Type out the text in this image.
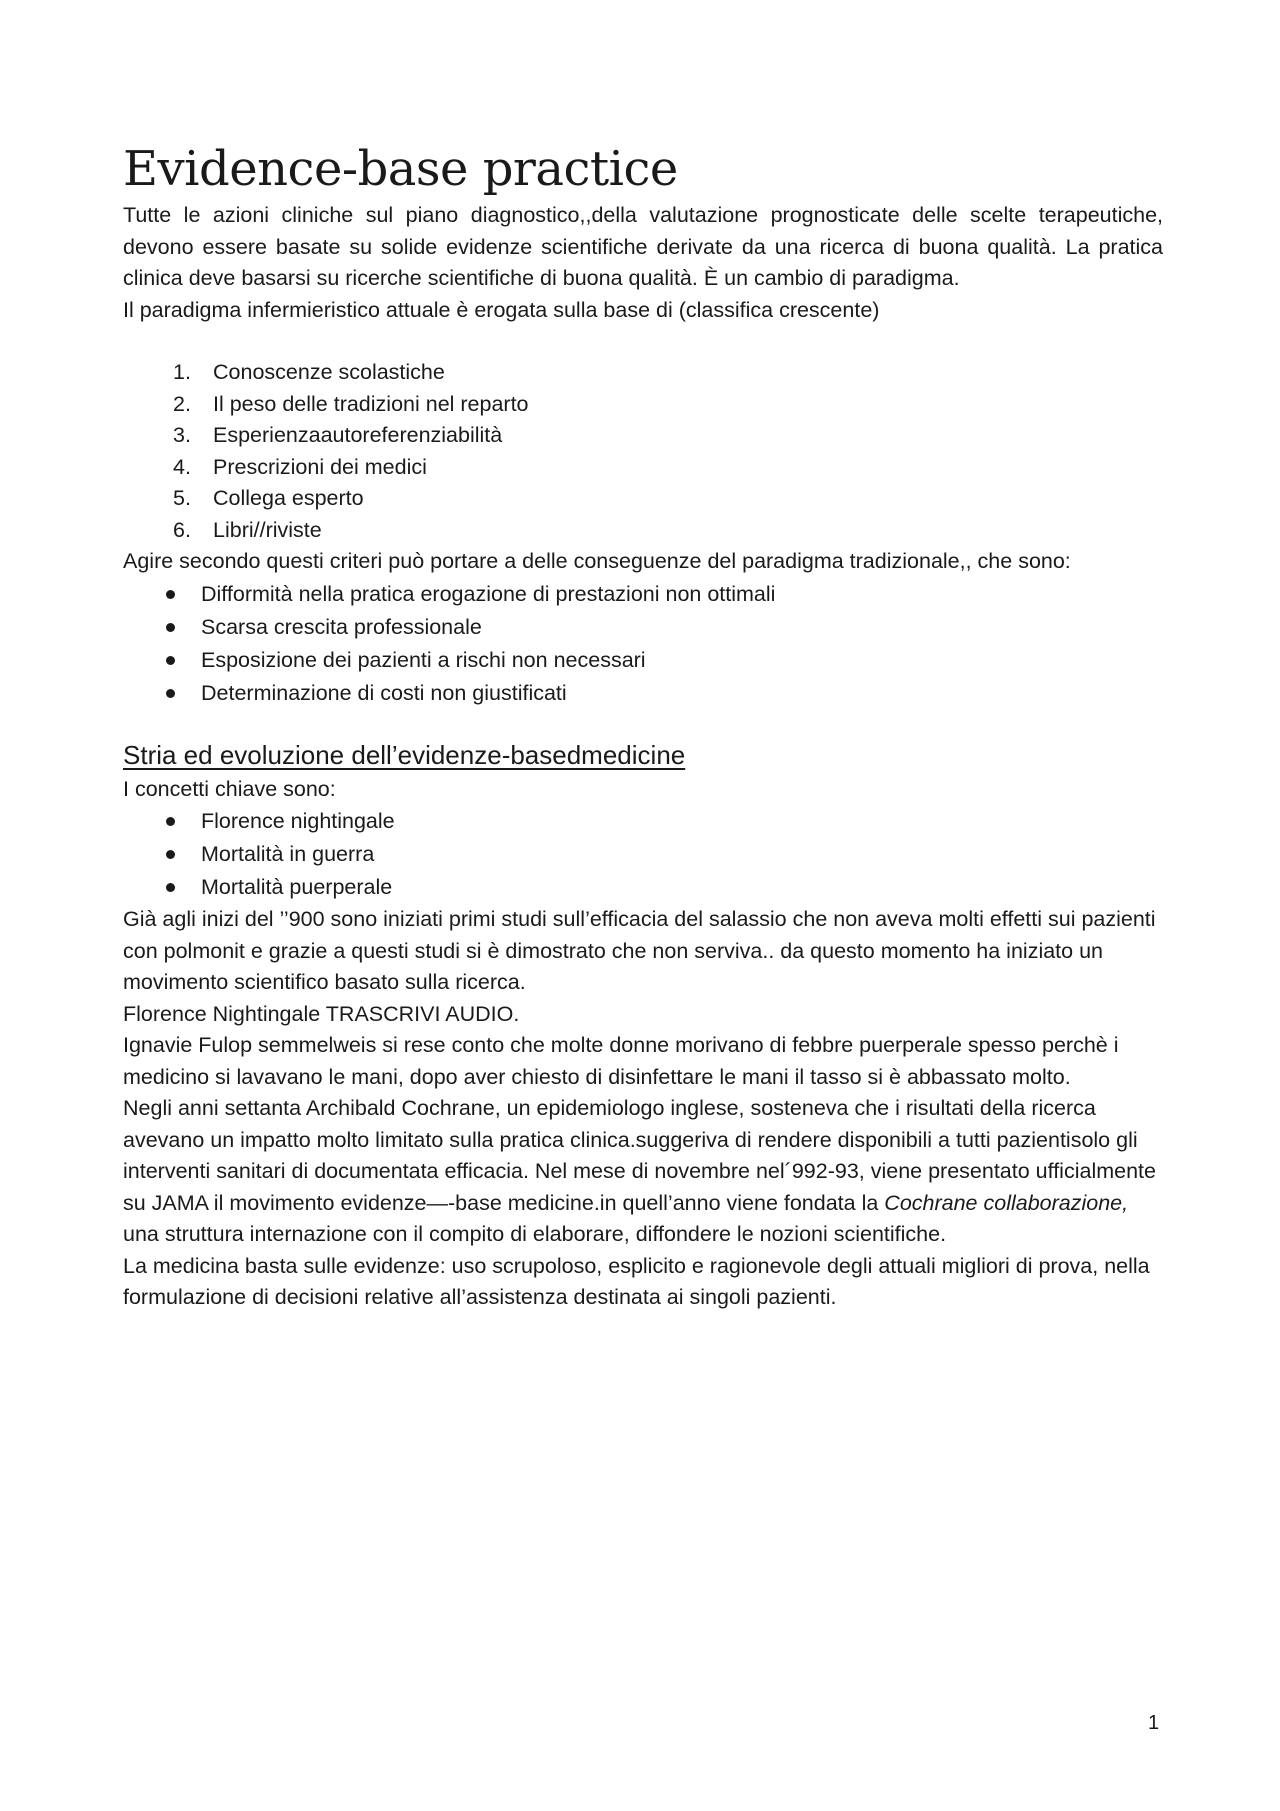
Evidence-base practice

Tutte le azioni cliniche sul piano diagnostico,,della valutazione prognosticate delle scelte terapeutiche, devono essere basate su solide evidenze scientifiche derivate da una ricerca di buona qualità. La pratica clinica deve basarsi su ricerche scientifiche di buona qualità. È un cambio di paradigma.

Il paradigma infermieristico attuale è erogata sulla base di (classifica crescente)

1.	Conoscenze scolastiche
2.	Il peso delle tradizioni nel reparto
3.	Esperienzaautoreferenziabilità
4.	Prescrizioni dei medici
5.	Collega esperto
6.	Libri//riviste

Agire secondo questi criteri può portare a delle conseguenze del paradigma tradizionale,, che sono:

Difformità nella pratica erogazione di prestazioni non ottimali
Scarsa crescita professionale
Esposizione dei pazienti a rischi non necessari
Determinazione di costi non giustificati
Stria ed evoluzione dell’evidenze-basedmedicine

I concetti chiave sono:

Florence nightingale
Mortalità in guerra
Mortalità puerperale

Già agli inizi del ’’900 sono iniziati primi studi sull’efficacia del salassio che non aveva molti effetti sui pazienti con polmonit e grazie a questi studi si è dimostrato che non serviva.. da questo momento ha iniziato un movimento scientifico basato sulla ricerca.

Florence Nightingale TRASCRIVI AUDIO.

Ignavie Fulop semmelweis si rese conto che molte donne morivano di febbre puerperale spesso perchè i medicino si lavavano le mani, dopo aver chiesto di disinfettare le mani il tasso si è abbassato molto.

Negli anni settanta Archibald Cochrane, un epidemiologo inglese, sosteneva che i risultati della ricerca avevano un impatto molto limitato sulla pratica clinica.suggeriva di rendere disponibili a tutti pazientisolo gli interventi sanitari di documentata efficacia. Nel mese di novembre nel´992-93, viene presentato ufficialmente su JAMA il movimento evidenze—-base medicine.in quell’anno viene fondata la Cochrane collaborazione, una struttura internazione con il compito di elaborare, diffondere le nozioni scientifiche.

La medicina basta sulle evidenze: uso scrupoloso, esplicito e ragionevole degli attuali migliori di prova, nella formulazione di decisioni relative all’assistenza destinata ai singoli pazienti.

1
